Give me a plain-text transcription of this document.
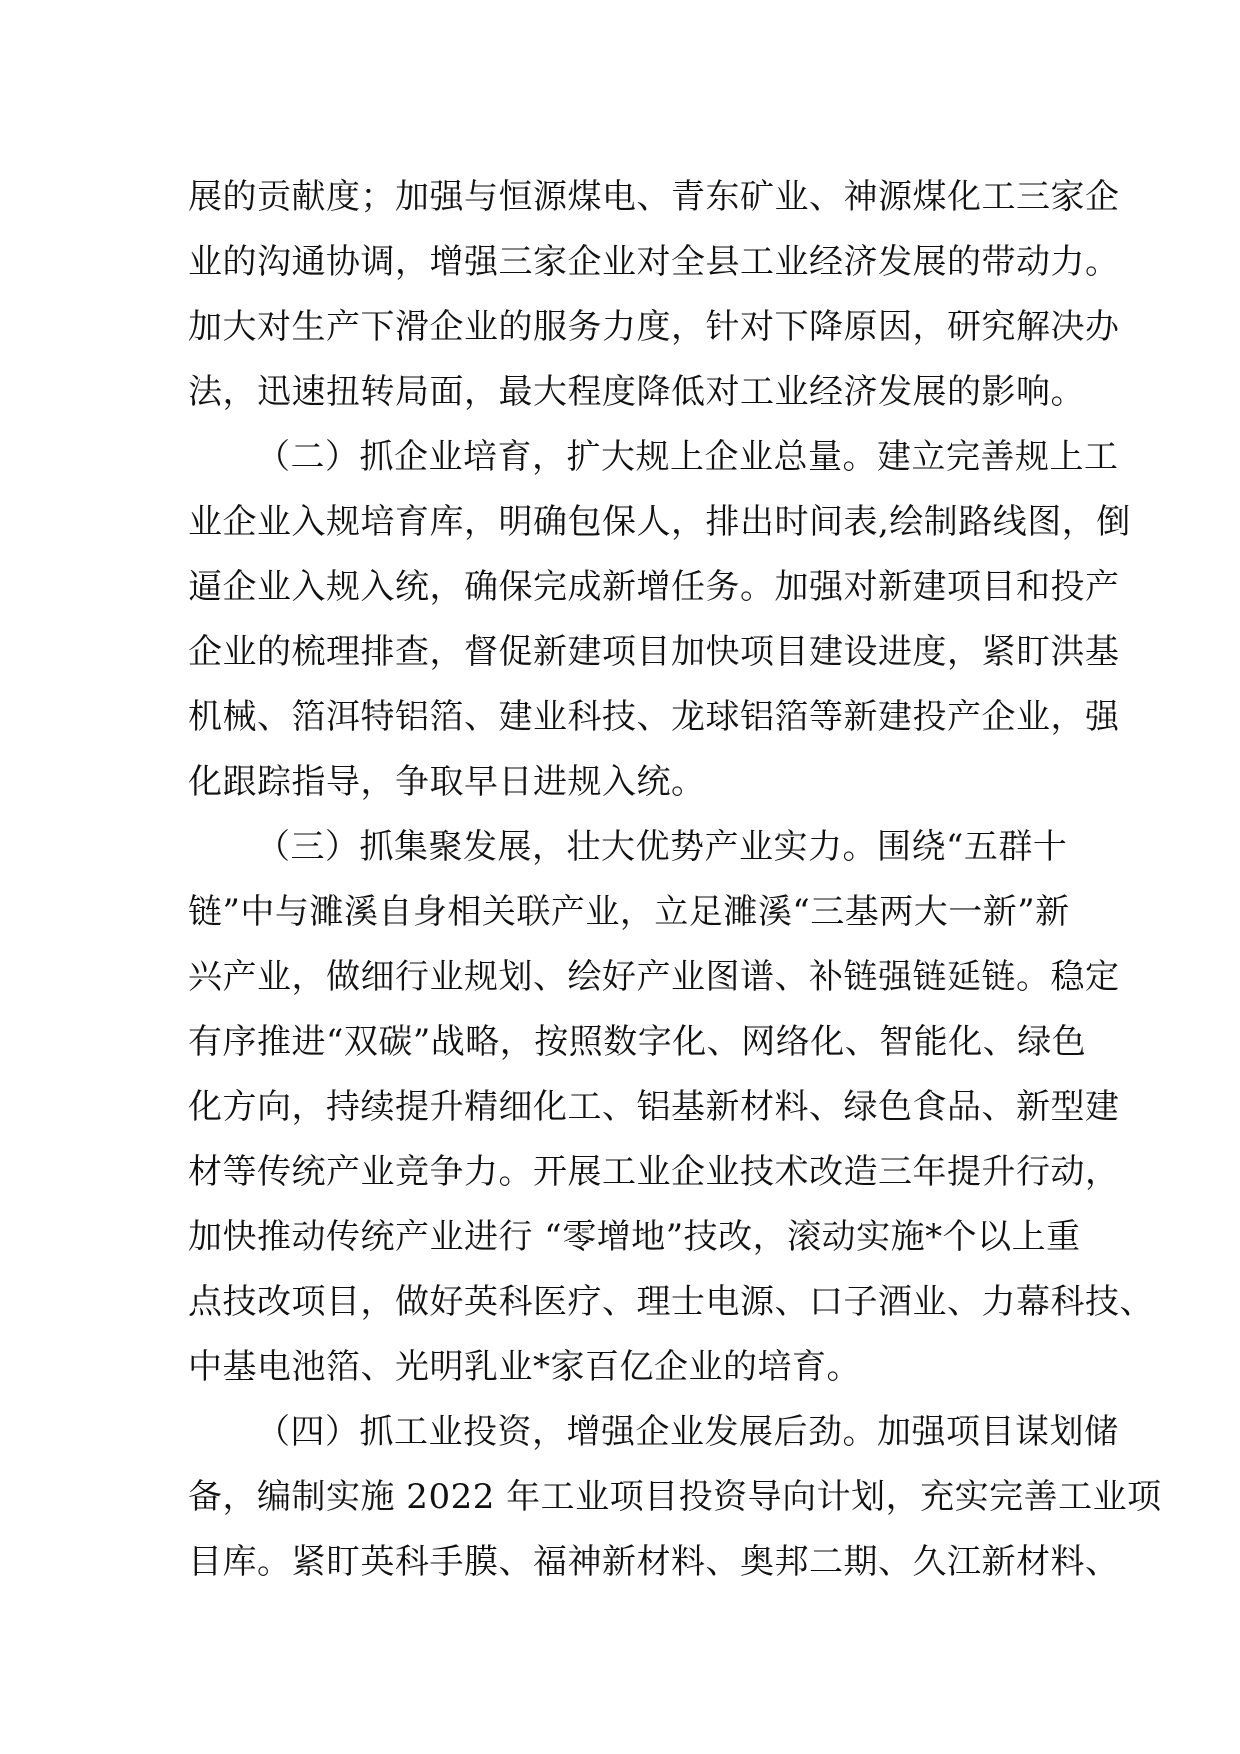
展的贡献度；加强与恒源煤电、青东矿业、神源煤化工三家企
业的沟通协调，增强三家企业对全县工业经济发展的带动力。
加大对生产下滑企业的服务力度，针对下降原因，研究解决办
法，迅速扭转局面，最大程度降低对工业经济发展的影响。
（二）抓企业培育，扩大规上企业总量。建立完善规上工
业企业入规培育库，明确包保人，排出时间表,绘制路线图，倒
逼企业入规入统，确保完成新增任务。加强对新建项目和投产
企业的梳理排查，督促新建项目加快项目建设进度，紧盯洪基
机械、箔洱特铝箔、建业科技、龙球铝箔等新建投产企业，强
化跟踪指导，争取早日进规入统。
（三）抓集聚发展，壮大优势产业实力。围绕“五群十
链”中与濉溪自身相关联产业，立足濉溪“三基两大一新”新
兴产业，做细行业规划、绘好产业图谱、补链强链延链。稳定
有序推进“双碳”战略，按照数字化、网络化、智能化、绿色
化方向，持续提升精细化工、铝基新材料、绿色食品、新型建
材等传统产业竞争力。开展工业企业技术改造三年提升行动，
加快推动传统产业进行 “零增地”技改，滚动实施*个以上重
点技改项目，做好英科医疗、理士电源、口子酒业、力幕科技、
中基电池箔、光明乳业*家百亿企业的培育。
（四）抓工业投资，增强企业发展后劲。加强项目谋划储
备，编制实施 2022 年工业项目投资导向计划，充实完善工业项
目库。紧盯英科手膜、福神新材料、奥邦二期、久江新材料、
